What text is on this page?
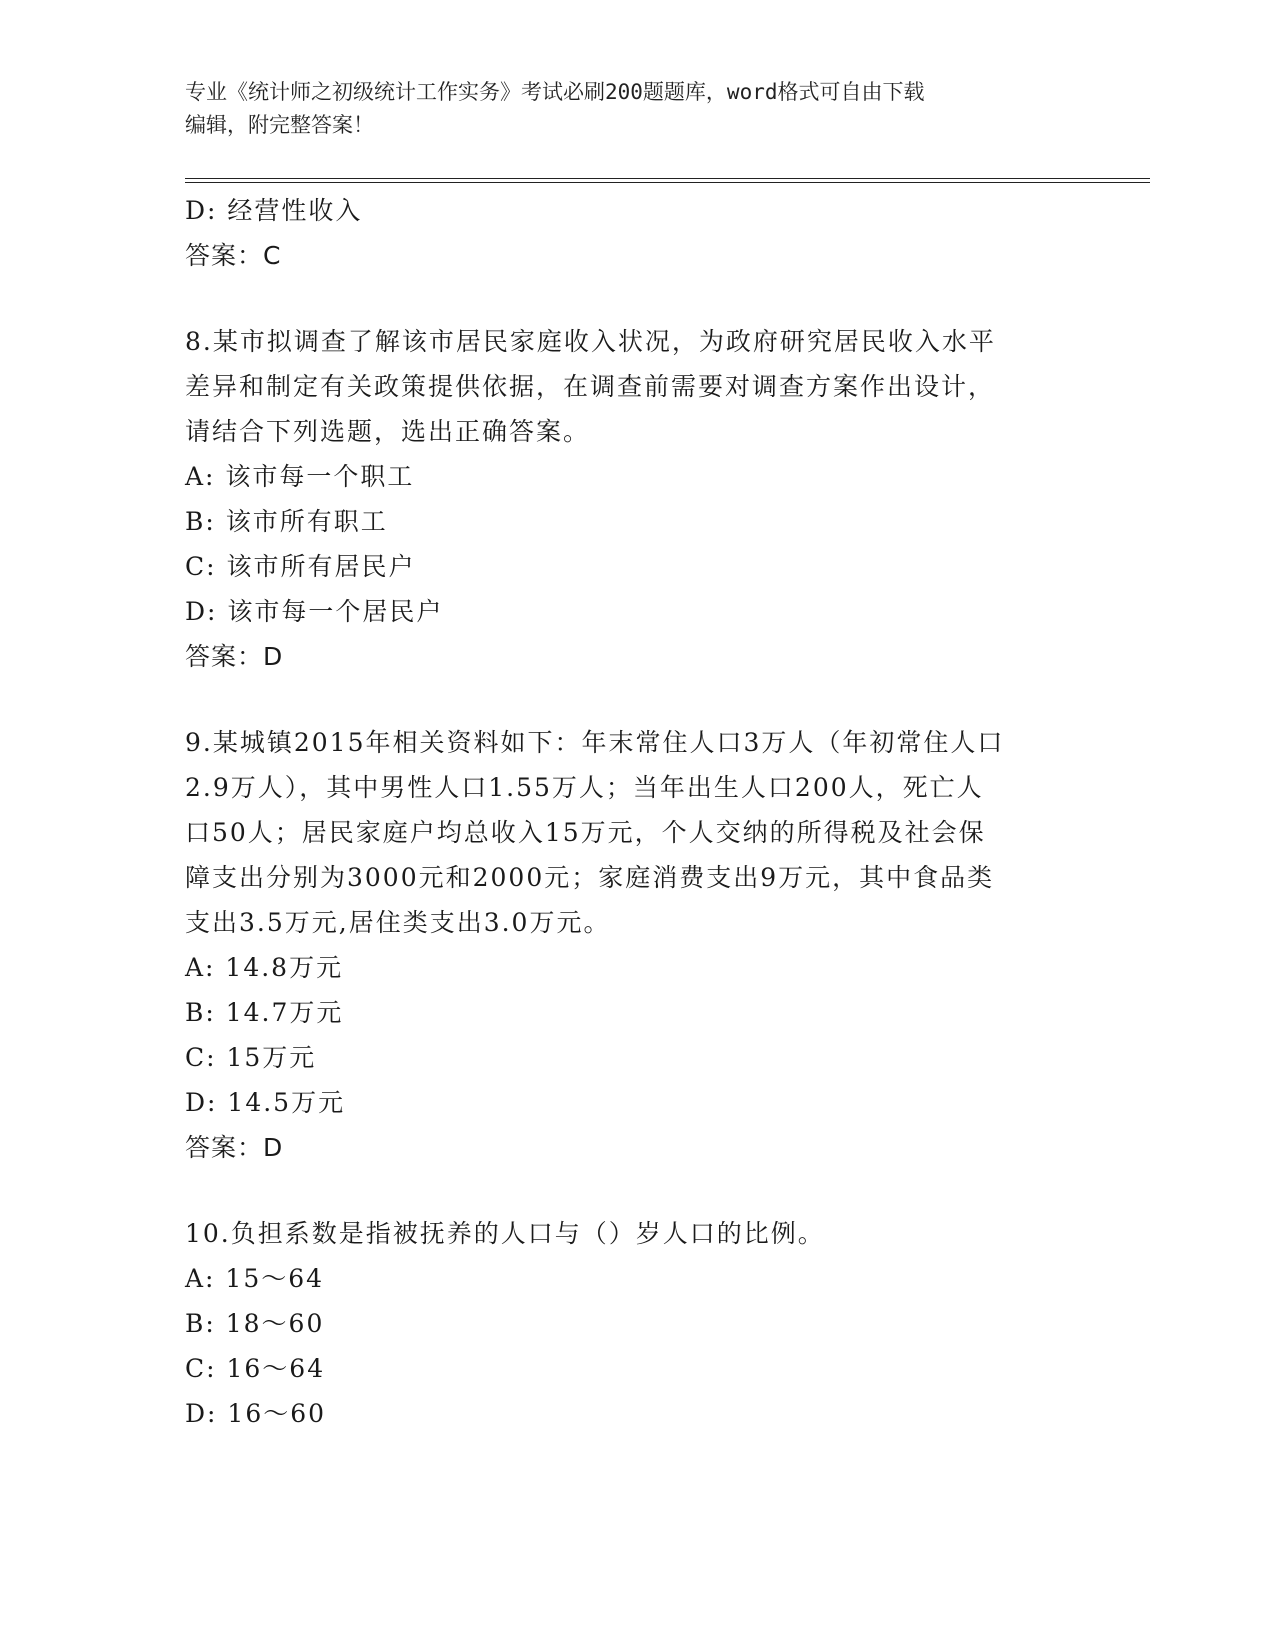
专业《统计师之初级统计工作实务》考试必刷200题题库，word格式可自由下载
编辑，附完整答案！
D: 经营性收入
答案：C
8.某市拟调查了解该市居民家庭收入状况，为政府研究居民收入水平
差异和制定有关政策提供依据，在调查前需要对调查方案作出设计，
请结合下列选题，选出正确答案。
A: 该市每一个职工
B: 该市所有职工
C: 该市所有居民户
D: 该市每一个居民户
答案：D
9.某城镇2015年相关资料如下：年末常住人口3万人（年初常住人口
2.9万人），其中男性人口1.55万人；当年出生人口200人，死亡人
口50人；居民家庭户均总收入15万元，个人交纳的所得税及社会保
障支出分别为3000元和2000元；家庭消费支出9万元，其中食品类
支出3.5万元,居住类支出3.0万元。
A: 14.8万元
B: 14.7万元
C: 15万元
D: 14.5万元
答案：D
10.负担系数是指被抚养的人口与（）岁人口的比例。
A: 15～64
B: 18～60
C: 16～64
D: 16～60
